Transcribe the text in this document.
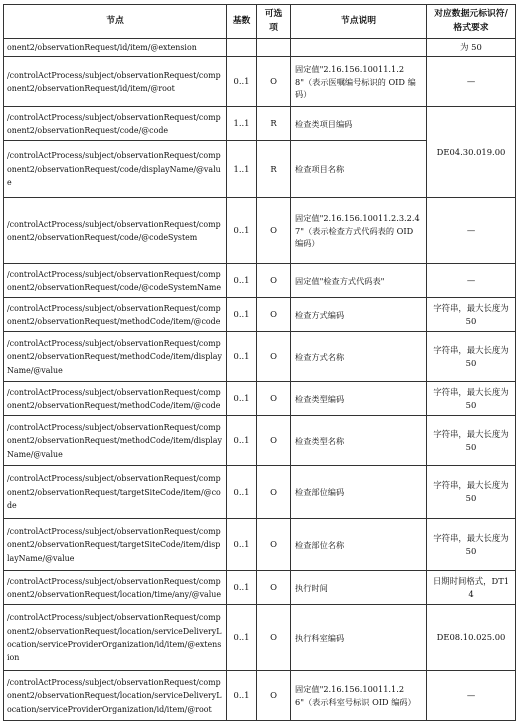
节点	基数	可选项	节点说明	对应数据元标识符/格式要求
onent2/observationRequest/id/item/@extension				为 50
/controlActProcess/subject/observationRequest/component2/observationRequest/id/item/@root	0..1	O	固定值"2.16.156.10011.1.28"（表示医嘱编号标识的 OID 编码）	—
/controlActProcess/subject/observationRequest/component2/observationRequest/code/@code	1..1	R	检查类项目编码	DE04.30.019.00
/controlActProcess/subject/observationRequest/component2/observationRequest/code/displayName/@value	1..1	R	检查项目名称	
/controlActProcess/subject/observationRequest/component2/observationRequest/code/@codeSystem	0..1	O	固定值"2.16.156.10011.2.3.2.47"（表示检查方式代码表的 OID 编码）	—
/controlActProcess/subject/observationRequest/component2/observationRequest/code/@codeSystemName	0..1	O	固定值"检查方式代码表"	—
/controlActProcess/subject/observationRequest/component2/observationRequest/methodCode/item/@code	0..1	O	检查方式编码	字符串，最大长度为 50
/controlActProcess/subject/observationRequest/component2/observationRequest/methodCode/item/displayName/@value	0..1	O	检查方式名称	字符串，最大长度为 50
/controlActProcess/subject/observationRequest/component2/observationRequest/methodCode/item/@code	0..1	O	检查类型编码	字符串，最大长度为 50
/controlActProcess/subject/observationRequest/component2/observationRequest/methodCode/item/displayName/@value	0..1	O	检查类型名称	字符串，最大长度为 50
/controlActProcess/subject/observationRequest/component2/observationRequest/targetSiteCode/item/@code	0..1	O	检查部位编码	字符串，最大长度为 50
/controlActProcess/subject/observationRequest/component2/observationRequest/targetSiteCode/item/displayName/@value	0..1	O	检查部位名称	字符串，最大长度为 50
/controlActProcess/subject/observationRequest/component2/observationRequest/location/time/any/@value	0..1	O	执行时间	日期时间格式，DT14
/controlActProcess/subject/observationRequest/component2/observationRequest/location/serviceDeliveryLocation/serviceProviderOrganization/id/item/@extension	0..1	O	执行科室编码	DE08.10.025.00
/controlActProcess/subject/observationRequest/component2/observationRequest/location/serviceDeliveryLocation/serviceProviderOrganization/id/item/@root	0..1	O	固定值"2.16.156.10011.1.26"（表示科室号标识 OID 编码）	—
